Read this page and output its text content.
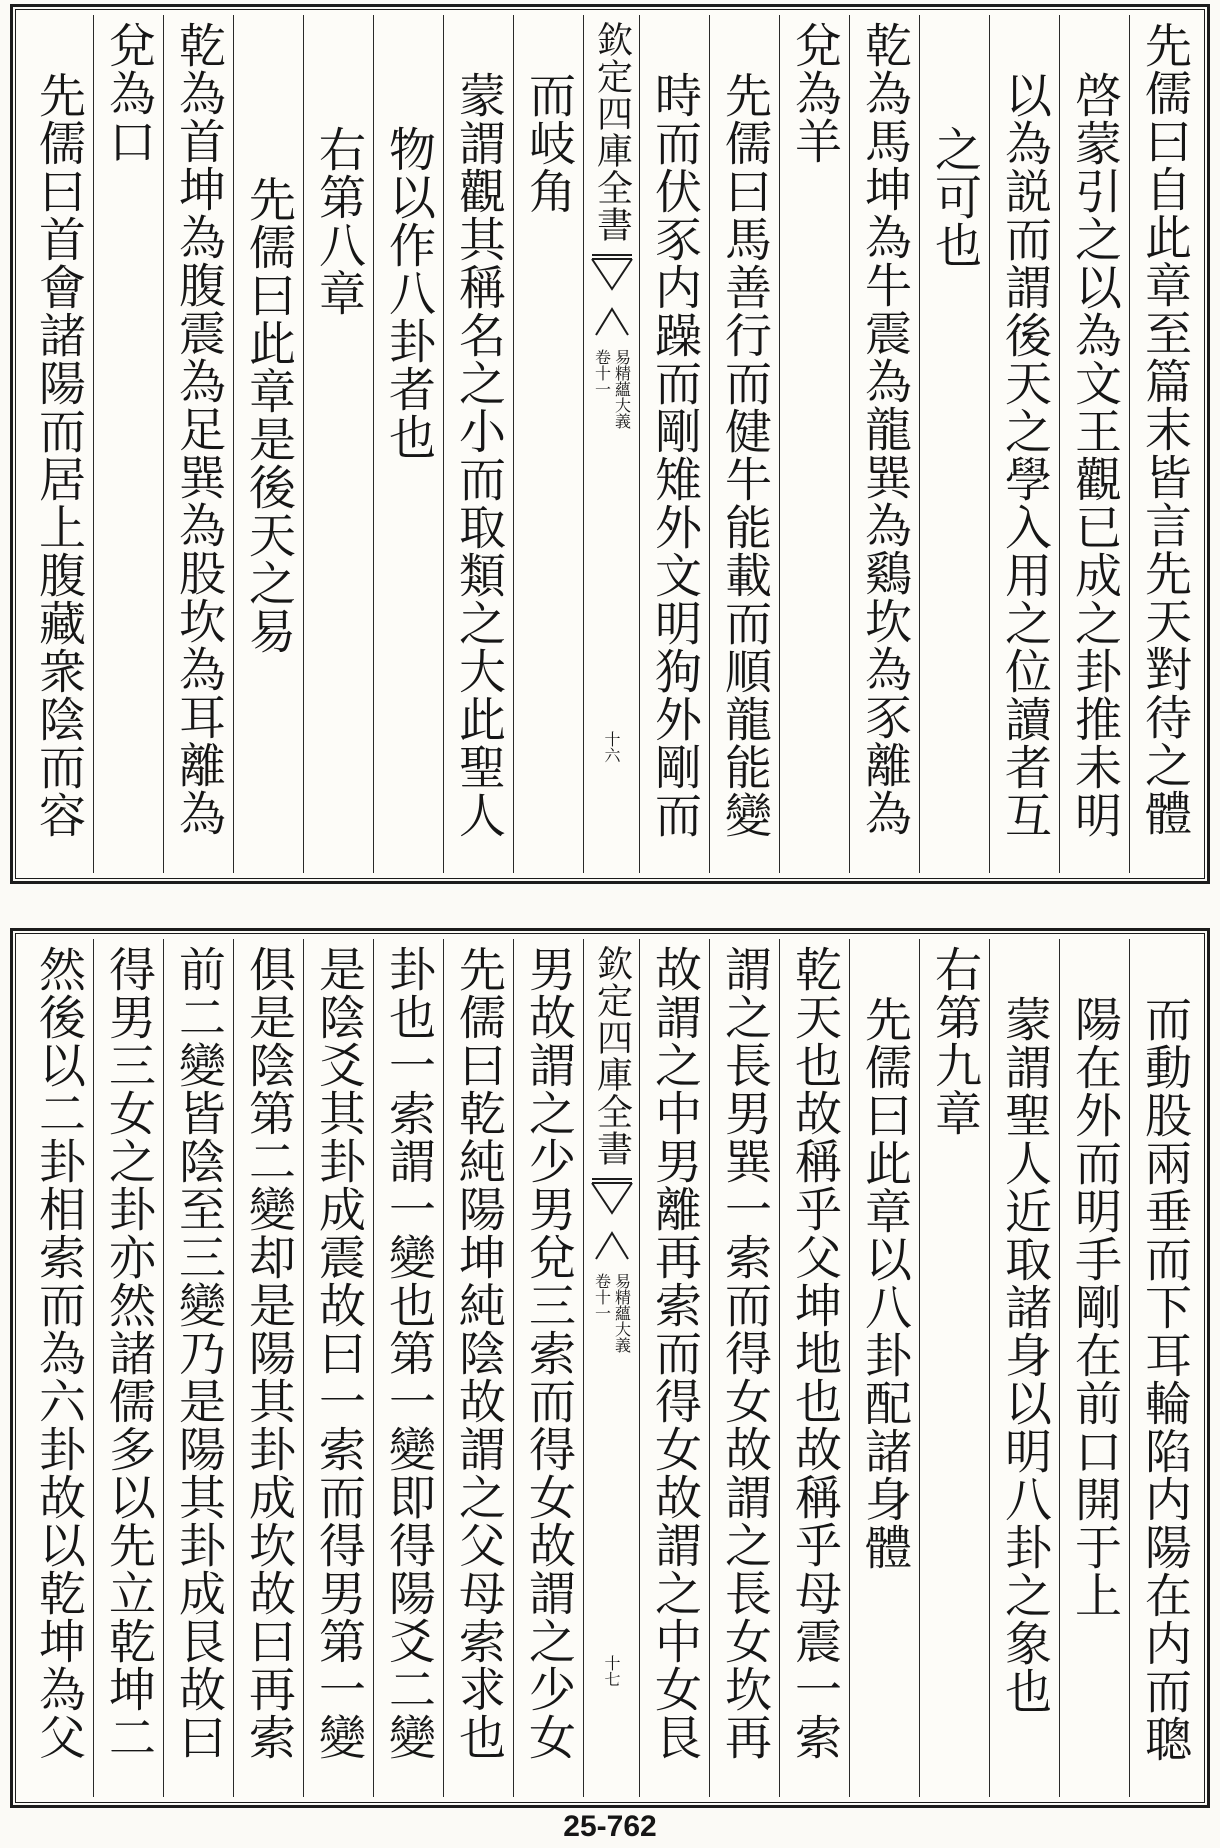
先儒曰自此章至篇末皆言先天對待之體
啓蒙引之以為文王觀已成之卦推未明
以為説而謂後天之學入用之位讀者互
之可也
乾為馬坤為牛震為龍巽為鷄坎為豕離為
兌為羊
先儒曰馬善行而健牛能載而順龍能變
時而伏豕内躁而剛雉外文明狗外剛而
欽定四庫全書
易精蘊大義
卷十一
十六
而岐角
蒙謂觀其稱名之小而取類之大此聖人
物以作八卦者也
右第八章
先儒曰此章是後天之易
乾為首坤為腹震為足巽為股坎為耳離為
兌為口
先儒曰首會諸陽而居上腹藏衆陰而容
而動股兩垂而下耳輪陷内陽在内而聰
陽在外而明手剛在前口開于上
蒙謂聖人近取諸身以明八卦之象也
右第九章
先儒曰此章以八卦配諸身體
乾天也故稱乎父坤地也故稱乎母震一索
謂之長男巽一索而得女故謂之長女坎再
故謂之中男離再索而得女故謂之中女艮
欽定四庫全書
易精蘊大義
卷十一
十七
男故謂之少男兌三索而得女故謂之少女
先儒曰乾純陽坤純陰故謂之父母索求也
卦也一索謂一變也第一變即得陽爻二變
是陰爻其卦成震故曰一索而得男第一變
俱是陰第二變却是陽其卦成坎故曰再索
前二變皆陰至三變乃是陽其卦成艮故曰
得男三女之卦亦然諸儒多以先立乾坤二
然後以二卦相索而為六卦故以乾坤為父
25-762
